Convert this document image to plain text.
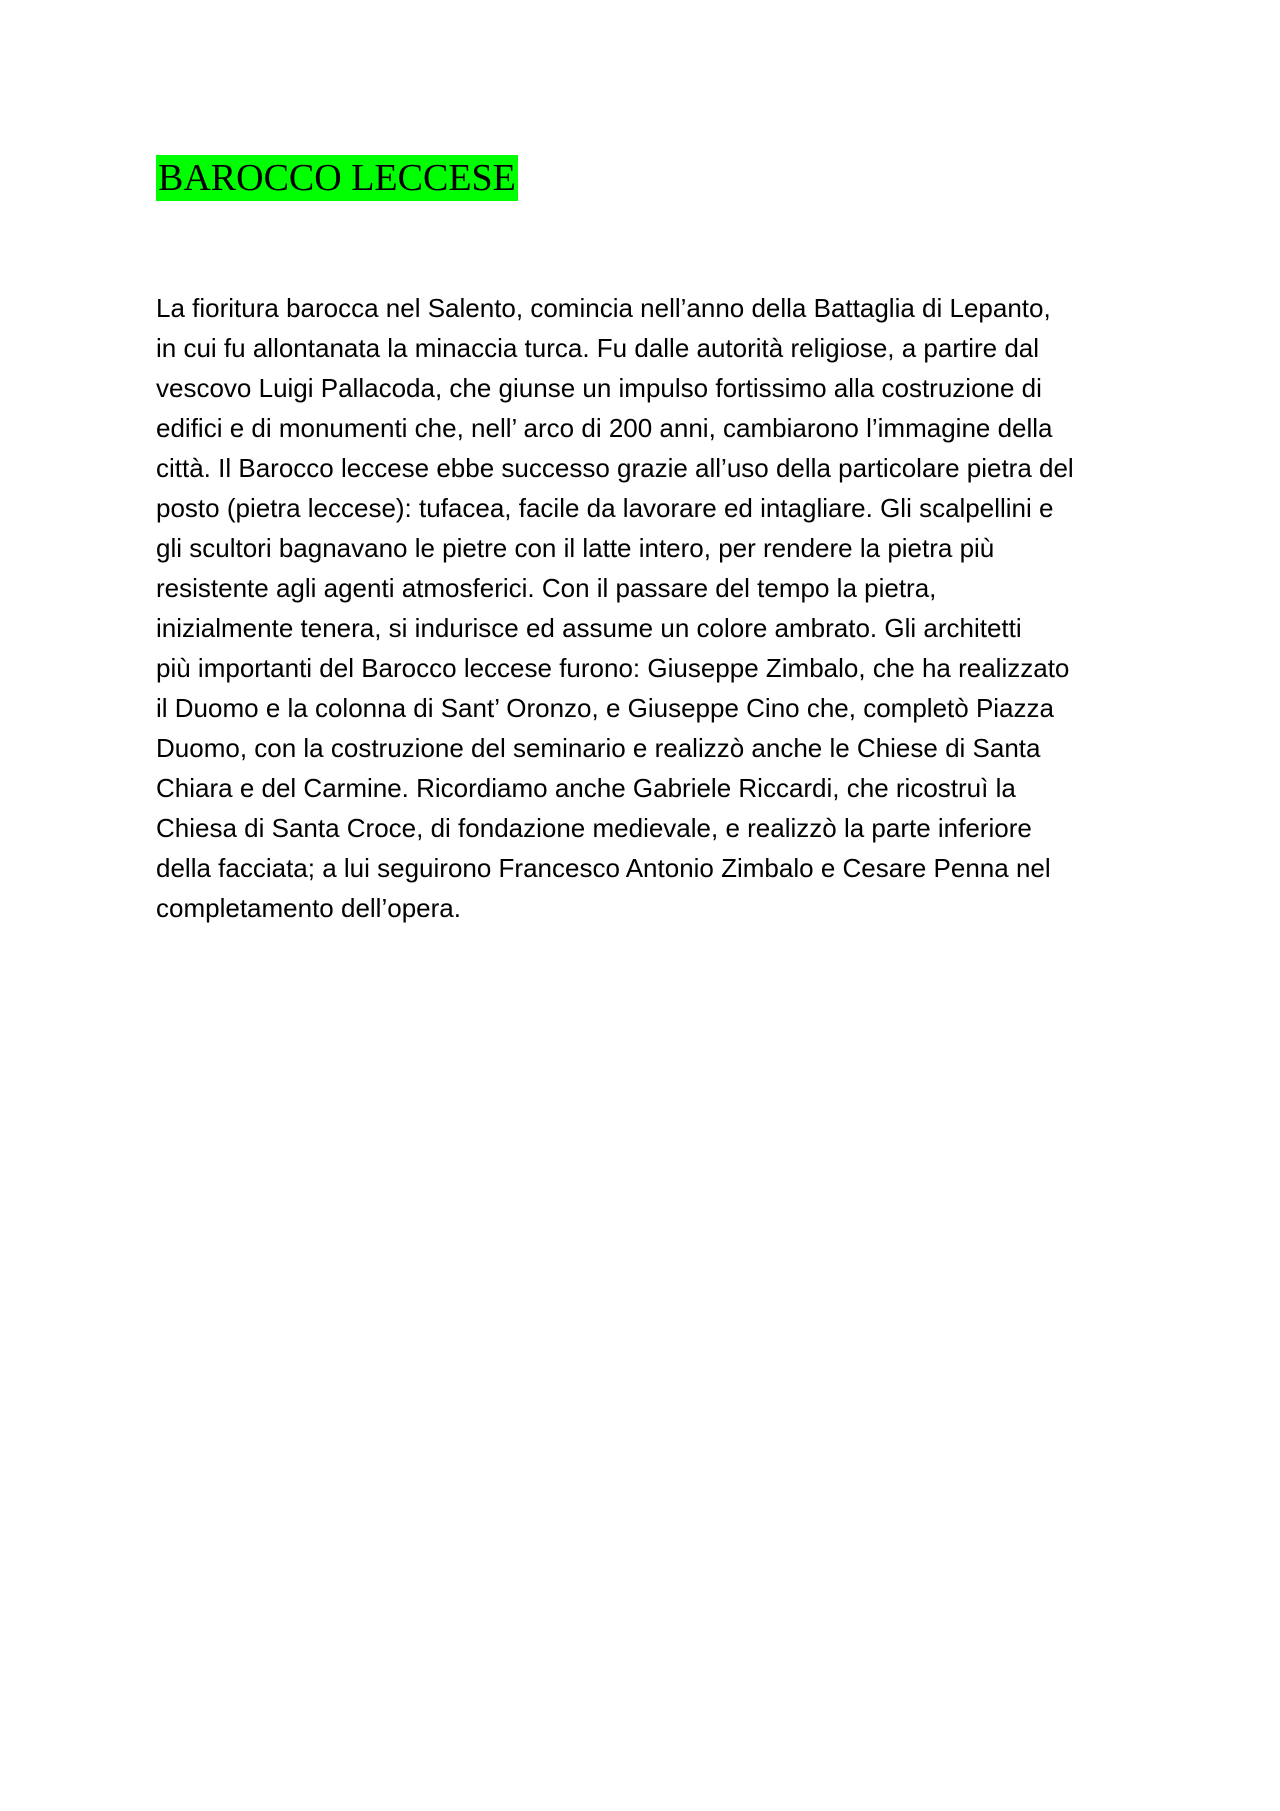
BAROCCO LECCESE
La fioritura barocca nel Salento, comincia nell’anno della Battaglia di Lepanto,
in cui fu allontanata la minaccia turca. Fu dalle autorità religiose, a partire dal
vescovo Luigi Pallacoda, che giunse un impulso fortissimo alla costruzione di
edifici e di monumenti che, nell’ arco di 200 anni, cambiarono l’immagine della
città. Il Barocco leccese ebbe successo grazie all’uso della particolare pietra del
posto (pietra leccese): tufacea, facile da lavorare ed intagliare. Gli scalpellini e
gli scultori bagnavano le pietre con il latte intero, per rendere la pietra più
resistente agli agenti atmosferici. Con il passare del tempo la pietra,
inizialmente tenera, si indurisce ed assume un colore ambrato. Gli architetti
più importanti del Barocco leccese furono: Giuseppe Zimbalo, che ha realizzato
il Duomo e la colonna di Sant’ Oronzo, e Giuseppe Cino che, completò Piazza
Duomo, con la costruzione del seminario e realizzò anche le Chiese di Santa
Chiara e del Carmine. Ricordiamo anche Gabriele Riccardi, che ricostruì la
Chiesa di Santa Croce, di fondazione medievale, e realizzò la parte inferiore
della facciata; a lui seguirono Francesco Antonio Zimbalo e Cesare Penna nel
completamento dell’opera.
